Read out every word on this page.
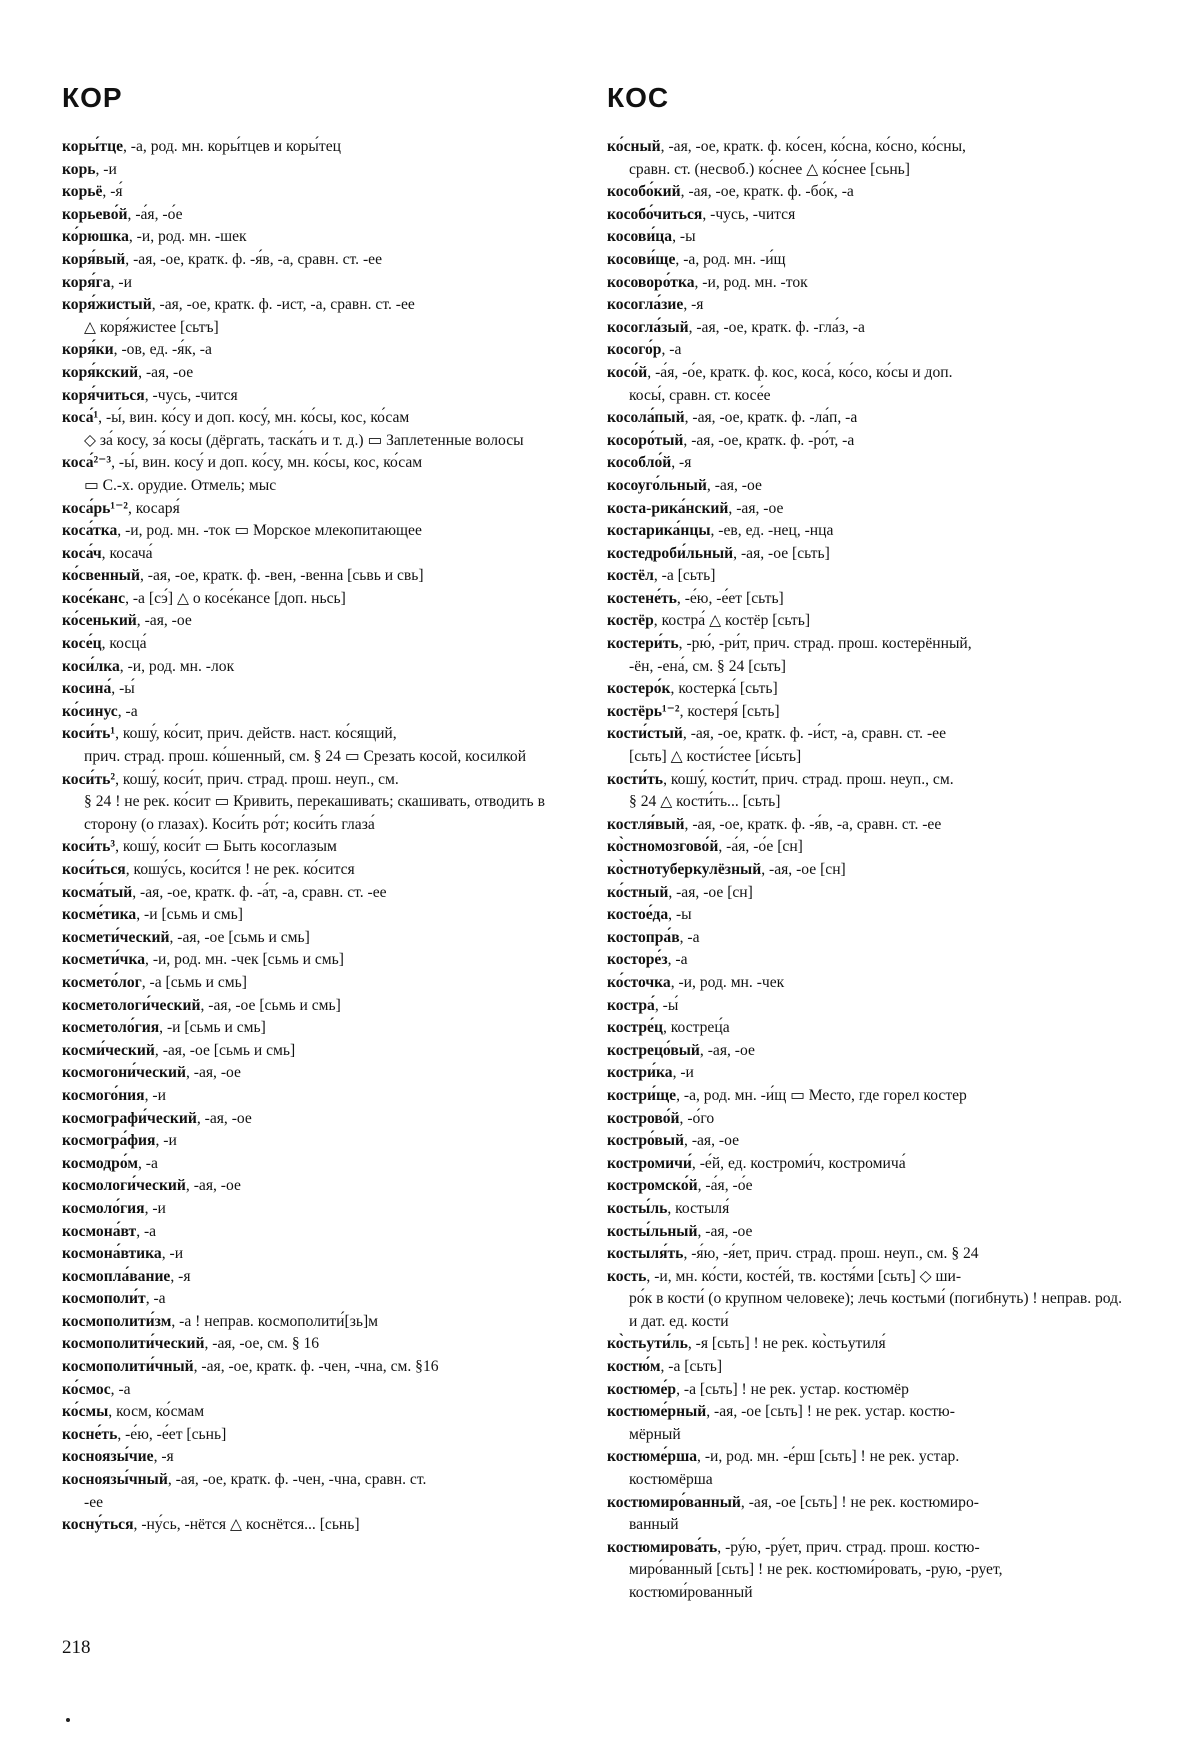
КОР	КОС
коры́тце, -а, род. мн. коры́тцев и коры́тец
корь, -и
корьё, -я́
корьево́й, -а́я, -о́е
ко́рюшка, -и, род. мн. -шек
коря́вый, -ая, -ое, кратк. ф. -я́в, -а, сравн. ст. -ее
коря́га, -и
коря́жистый, -ая, -ое, кратк. ф. -ист, -а, сравн. ст. -ее
△ коря́жистее [сьтъ]
коря́ки, -ов, ед. -я́к, -а
коря́кский, -ая, -ое
коря́читься, -чусь, -чится
коса́¹, -ы́, вин. ко́су и доп. косу́, мн. ко́сы, кос, ко́сам
◇ за́ косу, за́ косы (дёргать, таска́ть и т. д.) ▭ Заплетенные волосы
коса́²⁻³, -ы́, вин. косу́ и доп. ко́су, мн. ко́сы, кос, ко́сам
▭ С.-х. орудие. Отмель; мыс
коса́рь¹⁻², косаря́
коса́тка, -и, род. мн. -ток ▭ Морское млекопитающее
коса́ч, косача́
ко́свенный, -ая, -ое, кратк. ф. -вен, -венна [сьвь и свь]
косе́канс, -а [сэ́] △ о косе́кансе [доп. ньсь]
ко́сенький, -ая, -ое
косе́ц, косца́
коси́лка, -и, род. мн. -лок
косина́, -ы́
ко́синус, -а
коси́ть¹, кошу́, ко́сит, прич. действ. наст. ко́сящий,
прич. страд. прош. ко́шенный, см. § 24 ▭ Срезать косой, косилкой
коси́ть², кошу́, коси́т, прич. страд. прош. неуп., см.
§ 24 ! не рек. ко́сит ▭ Кривить, перекашивать; скашивать, отводить в сторону (о глазах). Коси́ть ро́т; коси́ть глаза́
коси́ть³, кошу́, коси́т ▭ Быть косоглазым
коси́ться, кошу́сь, коси́тся ! не рек. ко́сится
косма́тый, -ая, -ое, кратк. ф. -а́т, -а, сравн. ст. -ее
косме́тика, -и [сьмь и смь]
космети́ческий, -ая, -ое [сьмь и смь]
космети́чка, -и, род. мн. -чек [сьмь и смь]
космето́лог, -а [сьмь и смь]
косметологи́ческий, -ая, -ое [сьмь и смь]
косметоло́гия, -и [сьмь и смь]
косми́ческий, -ая, -ое [сьмь и смь]
космогони́ческий, -ая, -ое
космого́ния, -и
космографи́ческий, -ая, -ое
космогра́фия, -и
космодро́м, -а
космологи́ческий, -ая, -ое
космоло́гия, -и
космона́вт, -а
космона́втика, -и
космопла́вание, -я
космополи́т, -а
космополити́зм, -а ! неправ. космополити́[зь]м
космополити́ческий, -ая, -ое, см. § 16
космополити́чный, -ая, -ое, кратк. ф. -чен, -чна, см. §16
ко́смос, -а
ко́смы, косм, ко́смам
косне́ть, -е́ю, -е́ет [сьнь]
косноязы́чие, -я
косноязы́чный, -ая, -ое, кратк. ф. -чен, -чна, сравн. ст.
-ее
косну́ться, -ну́сь, -нётся △ коснётся... [сьнь]
ко́сный, -ая, -ое, кратк. ф. ко́сен, ко́сна, ко́сно, ко́сны,
сравн. ст. (несвоб.) ко́снее △ ко́снее [сьнь]
кособо́кий, -ая, -ое, кратк. ф. -бо́к, -а
кособо́читься, -чусь, -чится
косови́ца, -ы
косови́ще, -а, род. мн. -и́щ
косоворо́тка, -и, род. мн. -ток
косогла́зие, -я
косогла́зый, -ая, -ое, кратк. ф. -гла́з, -а
косого́р, -а
косо́й, -а́я, -о́е, кратк. ф. кос, коса́, ко́со, ко́сы и доп.
косы́, сравн. ст. косе́е
косола́пый, -ая, -ое, кратк. ф. -ла́п, -а
косоро́тый, -ая, -ое, кратк. ф. -ро́т, -а
кособло́й, -я
косоуго́льный, -ая, -ое
коста-рика́нский, -ая, -ое
костарика́нцы, -ев, ед. -нец, -нца
костедроби́льный, -ая, -ое [сьть]
костёл, -а [сьть]
костене́ть, -е́ю, -е́ет [сьть]
костёр, костра́ △ костёр [сьть]
костери́ть, -рю́, -ри́т, прич. страд. прош. костерённый,
-ён, -ена́, см. § 24 [сьть]
костеро́к, костерка́ [сьть]
костёрь¹⁻², костеря́ [сьть]
кости́стый, -ая, -ое, кратк. ф. -и́ст, -а, сравн. ст. -ее
[сьть] △ кости́стее [и́сьть]
кости́ть, кошу́, кости́т, прич. страд. прош. неуп., см.
§ 24 △ кости́ть... [сьть]
костля́вый, -ая, -ое, кратк. ф. -я́в, -а, сравн. ст. -ее
ко̀стномозгово́й, -а́я, -о́е [сн]
ко̀стнотуберкулёзный, -ая, -ое [сн]
ко́стный, -ая, -ое [сн]
костое́да, -ы
костопра́в, -а
косторе́з, -а
ко́сточка, -и, род. мн. -чек
костра́, -ы́
костре́ц, кострец́а
кострецо́вый, -ая, -ое
костри́ка, -и
костри́ще, -а, род. мн. -и́щ ▭ Место, где горел костер
кострово́й, -о́го
костро́вый, -ая, -ое
костромичи́, -е́й, ед. костроми́ч, костромича́
костромско́й, -а́я, -о́е
косты́ль, костыля́
косты́льный, -ая, -ое
костыля́ть, -я́ю, -я́ет, прич. страд. прош. неуп., см. § 24
кость, -и, мн. ко́сти, косте́й, тв. костя́ми [сьть] ◇ ши-
ро́к в кости́ (о крупном человеке); лечь костьми́ (погибнуть) ! неправ. род. и дат. ед. кости́
ко̀стьути́ль, -я [сьть] ! не рек. ко̀стьутиля́
костю́м, -а [сьть]
костюме́р, -а [сьть] ! не рек. устар. костюмёр
костюме́рный, -ая, -ое [сьть] ! не рек. устар. костю-
мёрный
костюме́рша, -и, род. мн. -е́рш [сьть] ! не рек. устар.
костюмёрша
костюмиро́ванный, -ая, -ое [сьть] ! не рек. костюмиро-
ванный
костюмирова́ть, -ру́ю, -ру́ет, прич. страд. прош. костю-
миро́ванный [сьть] ! не рек. костюми́ровать, -рую, -рует, костюми́рованный
218
